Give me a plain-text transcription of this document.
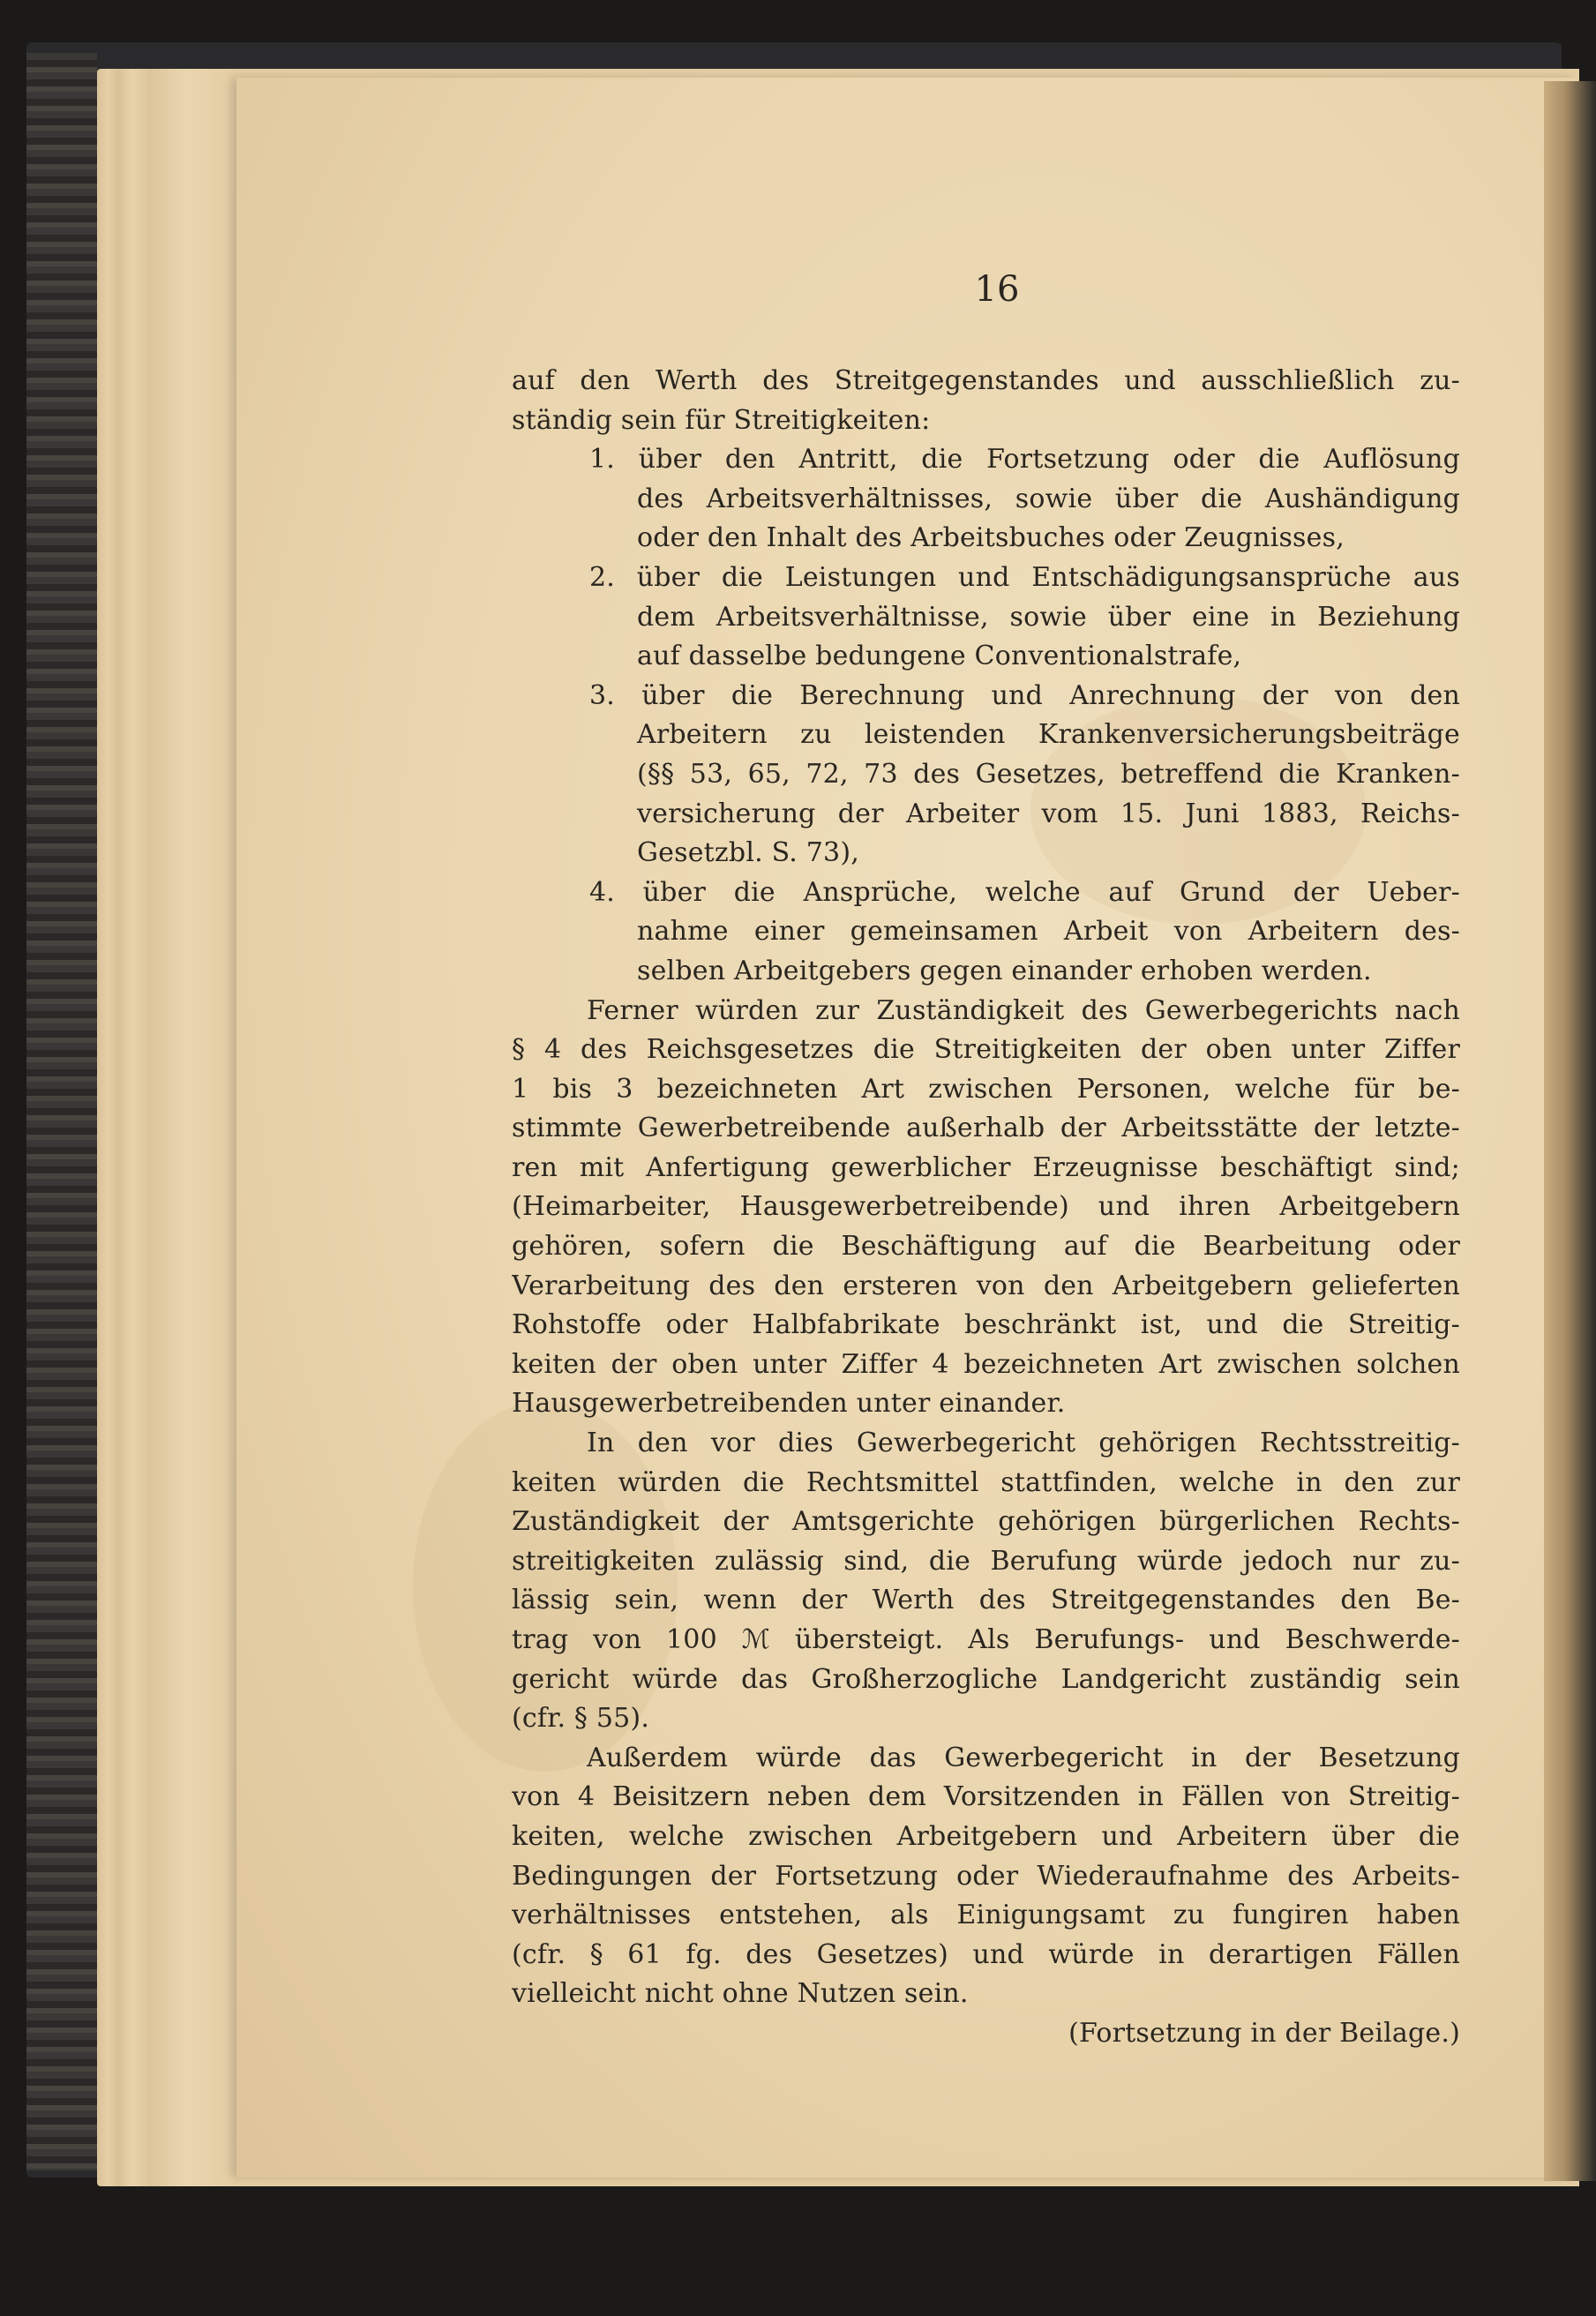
16
auf den Werth des Streitgegenstandes und ausschließlich zu-
ständig sein für Streitigkeiten:
1. über den Antritt, die Fortsetzung oder die Auflösung
des Arbeitsverhältnisses, sowie über die Aushändigung
oder den Inhalt des Arbeitsbuches oder Zeugnisses,
2. über die Leistungen und Entschädigungsansprüche aus
dem Arbeitsverhältnisse, sowie über eine in Beziehung
auf dasselbe bedungene Conventionalstrafe,
3. über die Berechnung und Anrechnung der von den
Arbeitern zu leistenden Krankenversicherungsbeiträge
(§§ 53, 65, 72, 73 des Gesetzes, betreffend die Kranken-
versicherung der Arbeiter vom 15. Juni 1883, Reichs-
Gesetzbl. S. 73),
4. über die Ansprüche, welche auf Grund der Ueber-
nahme einer gemeinsamen Arbeit von Arbeitern des-
selben Arbeitgebers gegen einander erhoben werden.
Ferner würden zur Zuständigkeit des Gewerbegerichts nach
§ 4 des Reichsgesetzes die Streitigkeiten der oben unter Ziffer
1 bis 3 bezeichneten Art zwischen Personen, welche für be-
stimmte Gewerbetreibende außerhalb der Arbeitsstätte der letzte-
ren mit Anfertigung gewerblicher Erzeugnisse beschäftigt sind;
(Heimarbeiter, Hausgewerbetreibende) und ihren Arbeitgebern
gehören, sofern die Beschäftigung auf die Bearbeitung oder
Verarbeitung des den ersteren von den Arbeitgebern gelieferten
Rohstoffe oder Halbfabrikate beschränkt ist, und die Streitig-
keiten der oben unter Ziffer 4 bezeichneten Art zwischen solchen
Hausgewerbetreibenden unter einander.
In den vor dies Gewerbegericht gehörigen Rechtsstreitig-
keiten würden die Rechtsmittel stattfinden, welche in den zur
Zuständigkeit der Amtsgerichte gehörigen bürgerlichen Rechts-
streitigkeiten zulässig sind, die Berufung würde jedoch nur zu-
lässig sein, wenn der Werth des Streitgegenstandes den Be-
trag von 100 ℳ übersteigt. Als Berufungs- und Beschwerde-
gericht würde das Großherzogliche Landgericht zuständig sein
(cfr. § 55).
Außerdem würde das Gewerbegericht in der Besetzung
von 4 Beisitzern neben dem Vorsitzenden in Fällen von Streitig-
keiten, welche zwischen Arbeitgebern und Arbeitern über die
Bedingungen der Fortsetzung oder Wiederaufnahme des Arbeits-
verhältnisses entstehen, als Einigungsamt zu fungiren haben
(cfr. § 61 fg. des Gesetzes) und würde in derartigen Fällen
vielleicht nicht ohne Nutzen sein.
(Fortsetzung in der Beilage.)
